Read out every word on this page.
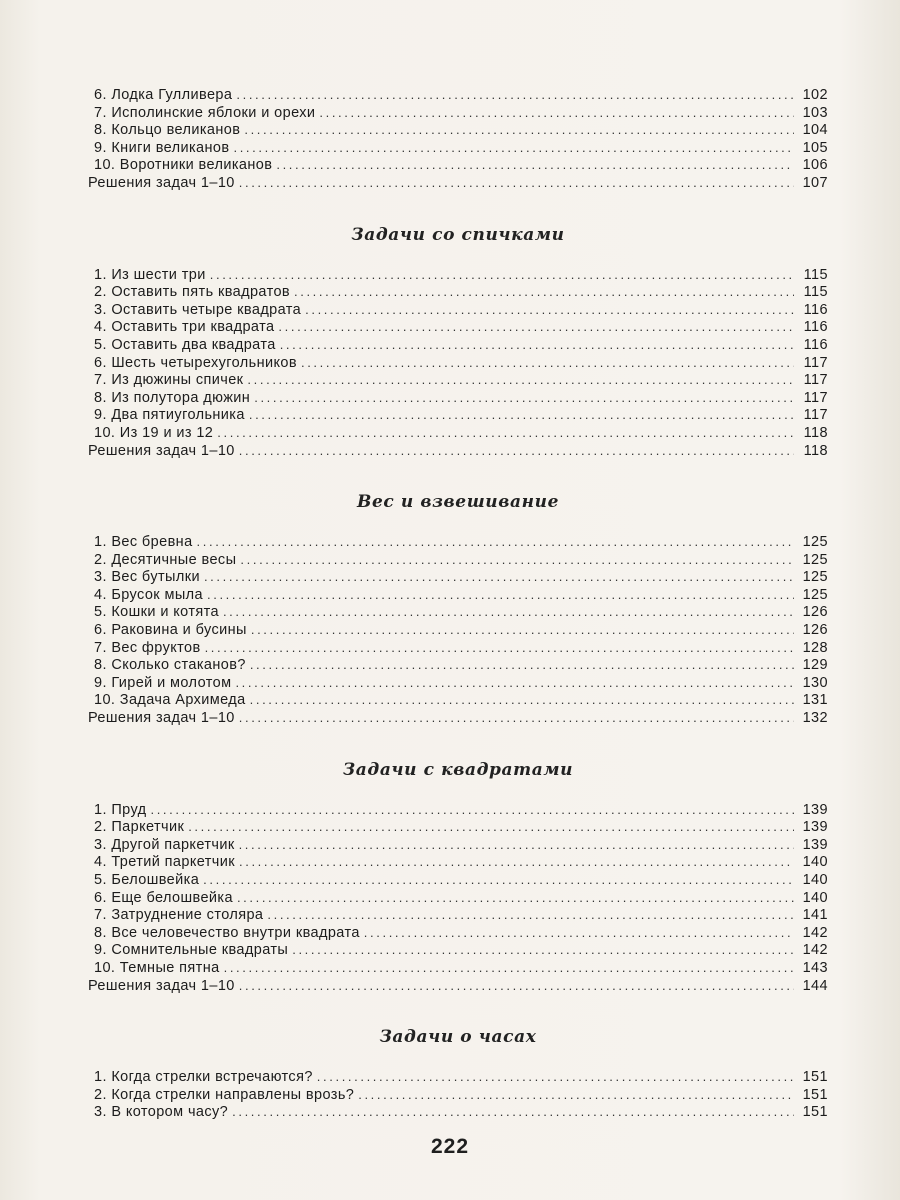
6. Лодка Гулливера . . .	102
7. Исполинские яблоки и орехи . . .	103
8. Кольцо великанов . . .	104
9. Книги великанов . . .	105
10. Воротники великанов . . .	106
Решения задач 1–10 . . .	107
Задачи со спичками
1. Из шести три . . .	115
2. Оставить пять квадратов . . .	115
3. Оставить четыре квадрата . . .	116
4. Оставить три квадрата . . .	116
5. Оставить два квадрата . . .	116
6. Шесть четырехугольников . . .	117
7. Из дюжины спичек . . .	117
8. Из полутора дюжин . . .	117
9. Два пятиугольника . . .	117
10. Из 19 и из 12 . . .	118
Решения задач 1–10 . . .	118
Вес и взвешивание
1. Вес бревна . . .	125
2. Десятичные весы . . .	125
3. Вес бутылки . . .	125
4. Брусок мыла . . .	125
5. Кошки и котята . . .	126
6. Раковина и бусины . . .	126
7. Вес фруктов . . .	128
8. Сколько стаканов? . . .	129
9. Гирей и молотом . . .	130
10. Задача Архимеда . . .	131
Решения задач 1–10 . . .	132
Задачи с квадратами
1. Пруд . . .	139
2. Паркетчик . . .	139
3. Другой паркетчик . . .	139
4. Третий паркетчик . . .	140
5. Белошвейка . . .	140
6. Еще белошвейка . . .	140
7. Затруднение столяра . . .	141
8. Все человечество внутри квадрата . . .	142
9. Сомнительные квадраты . . .	142
10. Темные пятна . . .	143
Решения задач 1–10 . . .	144
Задачи о часах
1. Когда стрелки встречаются? . . .	151
2. Когда стрелки направлены врозь? . . .	151
3. В котором часу? . . .	151
222
